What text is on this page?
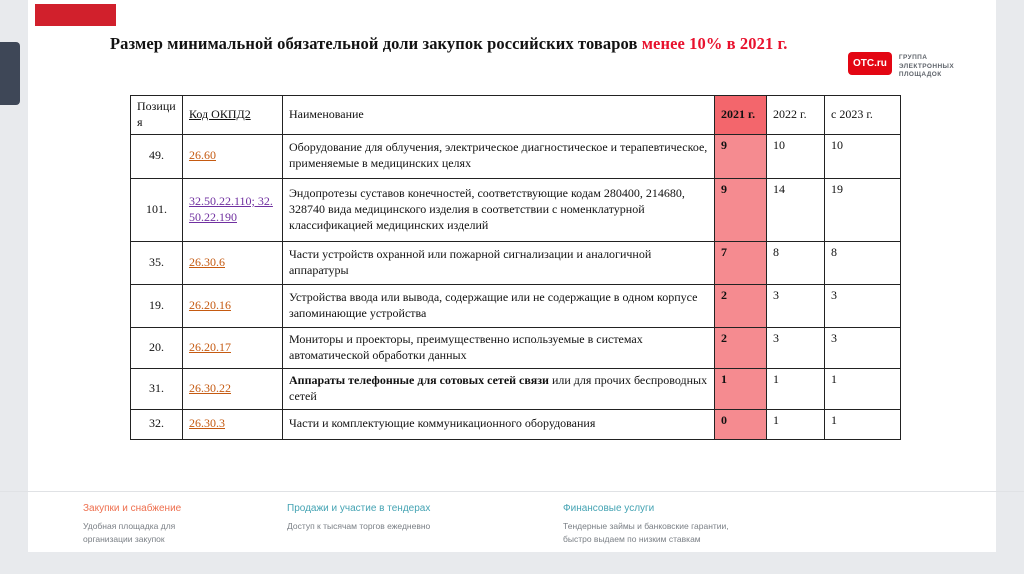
Размер минимальной обязательной доли закупок российских товаров менее 10% в 2021 г.
OTC.ru
ГРУППА
ЭЛЕКТРОННЫХ
ПЛОЩАДОК
Позиция	Код ОКПД2	Наименование	2021 г.	2022 г.	с 2023 г.
49.	26.60	Оборудование для облучения, электрическое диагностическое и терапевтическое, применяемые в медицинских целях	9	10	10
101.	32.50.22.110; 32.50.22.190	Эндопротезы суставов конечностей, соответствующие кодам 280400, 214680, 328740 вида медицинского изделия в соответствии с номенклатурной классификацией медицинских изделий	9	14	19
35.	26.30.6	Части устройств охранной или пожарной сигнализации и аналогичной аппаратуры	7	8	8
19.	26.20.16	Устройства ввода или вывода, содержащие или не содержащие в одном корпусе запоминающие устройства	2	3	3
20.	26.20.17	Мониторы и проекторы, преимущественно используемые в системах автоматической обработки данных	2	3	3
31.	26.30.22	Аппараты телефонные для сотовых сетей связи или для прочих беспроводных сетей	1	1	1
32.	26.30.3	Части и комплектующие коммуникационного оборудования	0	1	1
Закупки и снабжение
Удобная площадка для
организации закупок
Продажи и участие в тендерах
Доступ к тысячам торгов ежедневно
Финансовые услуги
Тендерные займы и банковские гарантии,
быстро выдаем по низким ставкам
